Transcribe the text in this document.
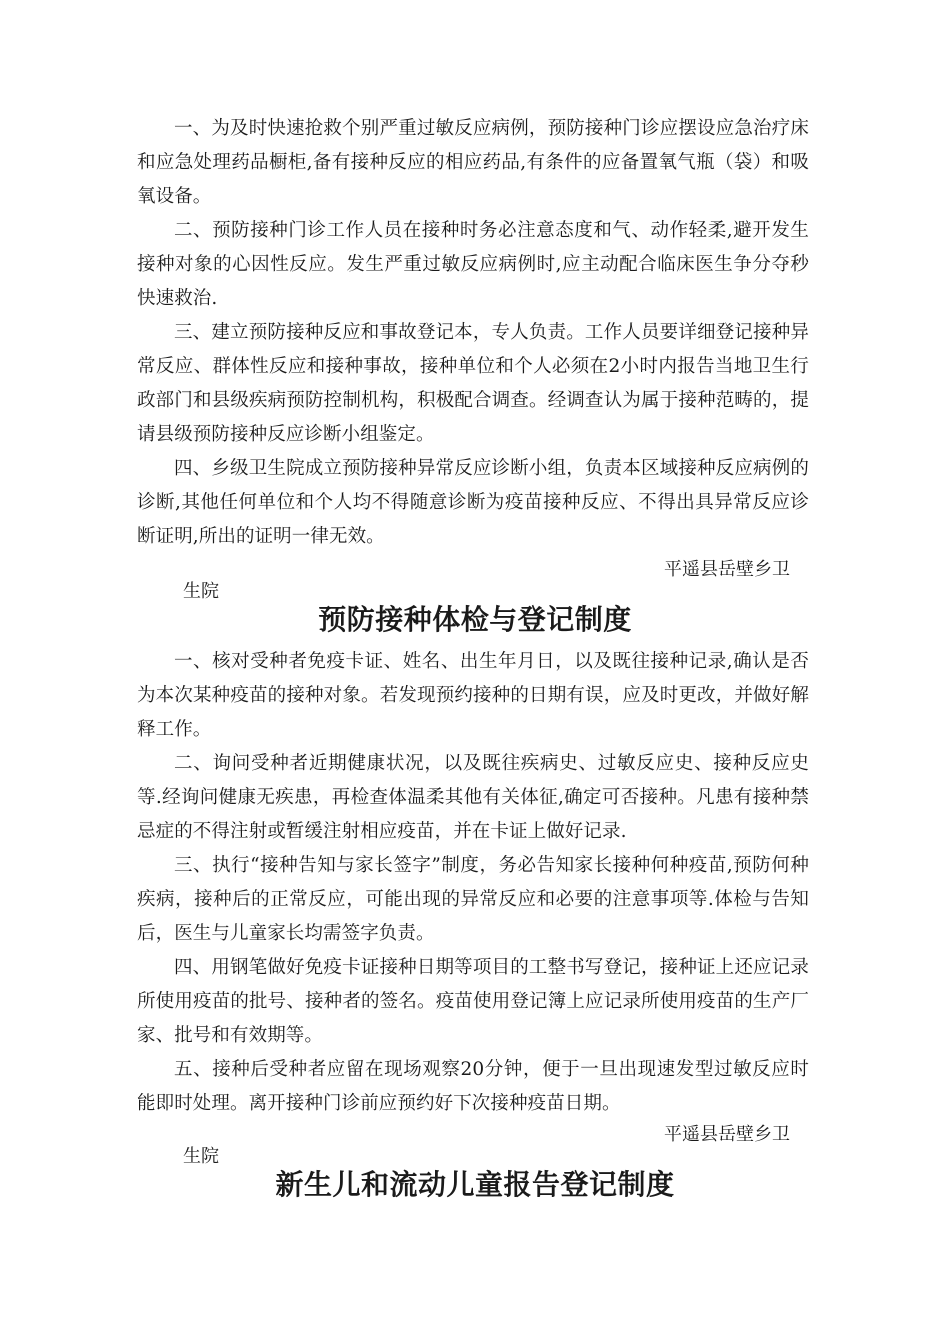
一、为及时快速抢救个别严重过敏反应病例，预防接种门诊应摆设应急治疗床和应急处理药品橱柜,备有接种反应的相应药品,有条件的应备置氧气瓶（袋）和吸氧设备。

二、预防接种门诊工作人员在接种时务必注意态度和气、动作轻柔,避开发生接种对象的心因性反应。发生严重过敏反应病例时,应主动配合临床医生争分夺秒快速救治.

三、建立预防接种反应和事故登记本，专人负责。工作人员要详细登记接种异常反应、群体性反应和接种事故，接种单位和个人必须在2小时内报告当地卫生行政部门和县级疾病预防控制机构，积极配合调查。经调查认为属于接种范畴的，提请县级预防接种反应诊断小组鉴定。

四、乡级卫生院成立预防接种异常反应诊断小组，负责本区域接种反应病例的诊断,其他任何单位和个人均不得随意诊断为疫苗接种反应、不得出具异常反应诊断证明,所出的证明一律无效。

平遥县岳壁乡卫

生院

预防接种体检与登记制度

一、核对受种者免疫卡证、姓名、出生年月日，以及既往接种记录,确认是否为本次某种疫苗的接种对象。若发现预约接种的日期有误，应及时更改，并做好解释工作。

二、询问受种者近期健康状况，以及既往疾病史、过敏反应史、接种反应史等.经询问健康无疾患，再检查体温柔其他有关体征,确定可否接种。凡患有接种禁忌症的不得注射或暂缓注射相应疫苗，并在卡证上做好记录.

三、执行“接种告知与家长签字”制度，务必告知家长接种何种疫苗,预防何种疾病，接种后的正常反应，可能出现的异常反应和必要的注意事项等.体检与告知后，医生与儿童家长均需签字负责。

四、用钢笔做好免疫卡证接种日期等项目的工整书写登记，接种证上还应记录所使用疫苗的批号、接种者的签名。疫苗使用登记簿上应记录所使用疫苗的生产厂家、批号和有效期等。

五、接种后受种者应留在现场观察20分钟，便于一旦出现速发型过敏反应时能即时处理。离开接种门诊前应预约好下次接种疫苗日期。

平遥县岳壁乡卫

生院

新生儿和流动儿童报告登记制度
